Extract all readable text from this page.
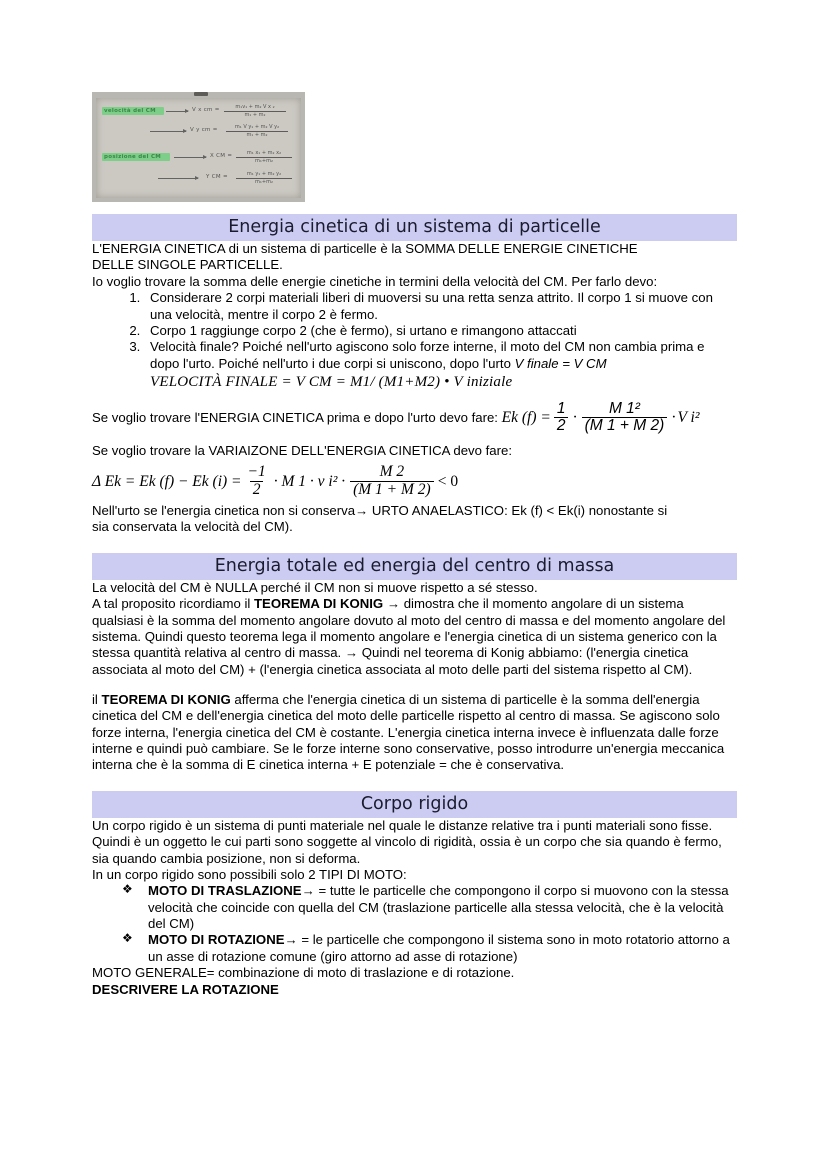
velocità del CM	V x cm =	m₁v₁ + m₂ V x ₂
m₁ + m₂
V y cm =	m₁ V y₁ + m₂ V y₂
m₁ + m₂
posizione del CM	X CM =	m₁ x₁ + m₂ x₂
m₁+m₂
Y CM =	m₁ y₁ + m₂ y₂
m₁+m₂
Energia cinetica di un sistema di particelle
L'ENERGIA CINETICA di un sistema di particelle è la SOMMA DELLE ENERGIE CINETICHE
DELLE SINGOLE PARTICELLE.
Io voglio trovare la somma delle energie cinetiche in termini della velocità del CM. Per farlo devo:
1. Considerare 2 corpi materiali liberi di muoversi su una retta senza attrito. Il corpo 1 si muove con una velocità, mentre il corpo 2 è fermo.
2. Corpo 1 raggiunge corpo 2 (che è fermo), si urtano e rimangono attaccati
3. Velocità finale? Poiché nell'urto agiscono solo forze interne, il moto del CM non cambia prima e dopo l'urto. Poiché nell'urto i due corpi si uniscono, dopo l'urto V finale = V CM
VELOCITÀ FINALE = V CM = M1/ (M1+M2) • V iniziale
Se voglio trovare l'ENERGIA CINETICA prima e dopo l'urto devo fare:
Ek $(f) = \frac{1}{2} \cdot \frac{\text{M 1²}}{(M 1 + M 2)} \cdot V$ i²
Se voglio trovare la VARIAIZONE DELL'ENERGIA CINETICA devo fare:
Δ Ek = Ek (f) − Ek $(i) = \frac{-1}{2} \cdot M$ 1 · v $i^2 \cdot \frac{M 2}{(M 1 + M 2)} < 0$
Nell'urto se l'energia cinetica non si conserva→ URTO ANAELASTICO: Ek (f) < Ek(i) nonostante si
sia conservata la velocità del CM).
Energia totale ed energia del centro di massa
La velocità del CM è NULLA perché il CM non si muove rispetto a sé stesso.
A tal proposito ricordiamo il TEOREMA DI KONIG → dimostra che il momento angolare di un sistema qualsiasi è la somma del momento angolare dovuto al moto del centro di massa e del momento angolare del sistema. Quindi questo teorema lega il momento angolare e l'energia cinetica di un sistema generico con la stessa quantità relativa al centro di massa. → Quindi nel teorema di Konig abbiamo: (l'energia cinetica associata al moto del CM) + (l'energia cinetica associata al moto delle parti del sistema rispetto al CM).
il TEOREMA DI KONIG afferma che l'energia cinetica di un sistema di particelle è la somma dell'energia cinetica del CM e dell'energia cinetica del moto delle particelle rispetto al centro di massa. Se agiscono solo forze interna, l'energia cinetica del CM è costante. L'energia cinetica interna invece è influenzata dalle forze interne e quindi può cambiare. Se le forze interne sono conservative, posso introdurre un'energia meccanica interna che è la somma di E cinetica interna + E potenziale = che è conservativa.
Corpo rigido
Un corpo rigido è un sistema di punti materiale nel quale le distanze relative tra i punti materiali sono fisse. Quindi è un oggetto le cui parti sono soggette al vincolo di rigidità, ossia è un corpo che sia quando è fermo, sia quando cambia posizione, non si deforma.
In un corpo rigido sono possibili solo 2 TIPI DI MOTO:
❖ MOTO DI TRASLAZIONE→ = tutte le particelle che compongono il corpo si muovono con la stessa velocità che coincide con quella del CM (traslazione particelle alla stessa velocità, che è la velocità del CM)
❖ MOTO DI ROTAZIONE→ = le particelle che compongono il sistema sono in moto rotatorio attorno a un asse di rotazione comune (giro attorno ad asse di rotazione)
MOTO GENERALE= combinazione di moto di traslazione e di rotazione.
DESCRIVERE LA ROTAZIONE
